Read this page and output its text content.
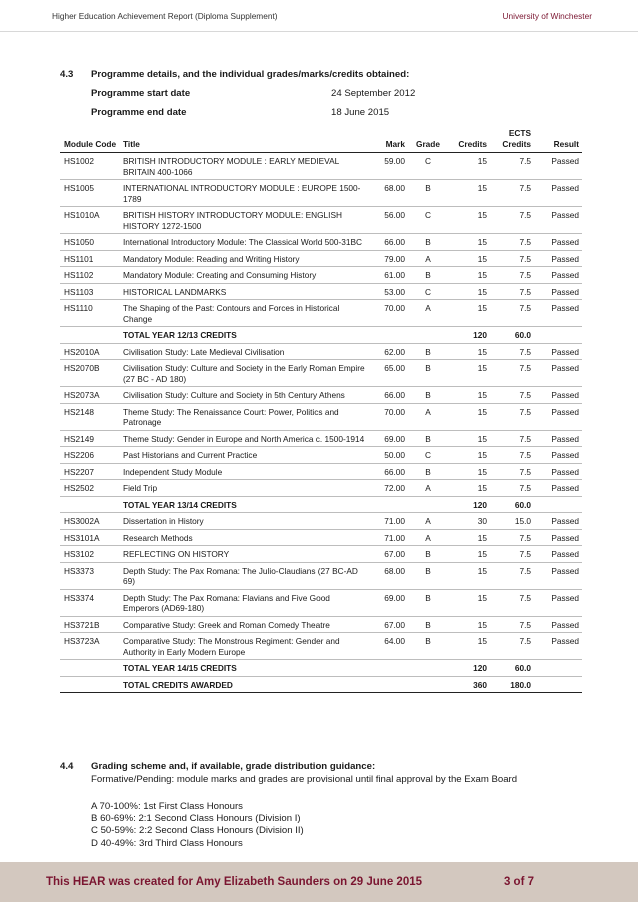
Higher Education Achievement Report (Diploma Supplement)	University of Winchester
4.3 Programme details, and the individual grades/marks/credits obtained:
Programme start date	24 September 2012
Programme end date	18 June 2015
Module Code	Title	Mark	Grade	Credits	ECTS Credits	Result
HS1002	BRITISH INTRODUCTORY MODULE : EARLY MEDIEVAL BRITAIN 400-1066	59.00	C	15	7.5	Passed
HS1005	INTERNATIONAL INTRODUCTORY MODULE : EUROPE 1500-1789	68.00	B	15	7.5	Passed
HS1010A	BRITISH HISTORY INTRODUCTORY MODULE: ENGLISH HISTORY 1272-1500	56.00	C	15	7.5	Passed
HS1050	International Introductory Module: The Classical World 500-31BC	66.00	B	15	7.5	Passed
HS1101	Mandatory Module: Reading and Writing History	79.00	A	15	7.5	Passed
HS1102	Mandatory Module: Creating and Consuming History	61.00	B	15	7.5	Passed
HS1103	HISTORICAL LANDMARKS	53.00	C	15	7.5	Passed
HS1110	The Shaping of the Past: Contours and Forces in Historical Change	70.00	A	15	7.5	Passed
	TOTAL YEAR 12/13 CREDITS			120	60.0	
HS2010A	Civilisation Study: Late Medieval Civilisation	62.00	B	15	7.5	Passed
HS2070B	Civilisation Study: Culture and Society in the Early Roman Empire (27 BC - AD 180)	65.00	B	15	7.5	Passed
HS2073A	Civilisation Study: Culture and Society in 5th Century Athens	66.00	B	15	7.5	Passed
HS2148	Theme Study: The Renaissance Court: Power, Politics and Patronage	70.00	A	15	7.5	Passed
HS2149	Theme Study: Gender in Europe and North America c. 1500-1914	69.00	B	15	7.5	Passed
HS2206	Past Historians and Current Practice	50.00	C	15	7.5	Passed
HS2207	Independent Study Module	66.00	B	15	7.5	Passed
HS2502	Field Trip	72.00	A	15	7.5	Passed
	TOTAL YEAR 13/14 CREDITS			120	60.0	
HS3002A	Dissertation in History	71.00	A	30	15.0	Passed
HS3101A	Research Methods	71.00	A	15	7.5	Passed
HS3102	REFLECTING ON HISTORY	67.00	B	15	7.5	Passed
HS3373	Depth Study: The Pax Romana: The Julio-Claudians (27 BC-AD 69)	68.00	B	15	7.5	Passed
HS3374	Depth Study: The Pax Romana: Flavians and Five Good Emperors (AD69-180)	69.00	B	15	7.5	Passed
HS3721B	Comparative Study: Greek and Roman Comedy Theatre	67.00	B	15	7.5	Passed
HS3723A	Comparative Study: The Monstrous Regiment: Gender and Authority in Early Modern Europe	64.00	B	15	7.5	Passed
	TOTAL YEAR 14/15 CREDITS			120	60.0	
	TOTAL CREDITS AWARDED			360	180.0	
4.4 Grading scheme and, if available, grade distribution guidance:
Formative/Pending: module marks and grades are provisional until final approval by the Exam Board
A 70-100%: 1st First Class Honours
B 60-69%: 2:1 Second Class Honours (Division I)
C 50-59%: 2:2 Second Class Honours (Division II)
D 40-49%: 3rd Third Class Honours
This HEAR was created for Amy Elizabeth Saunders on 29 June 2015	3 of 7
